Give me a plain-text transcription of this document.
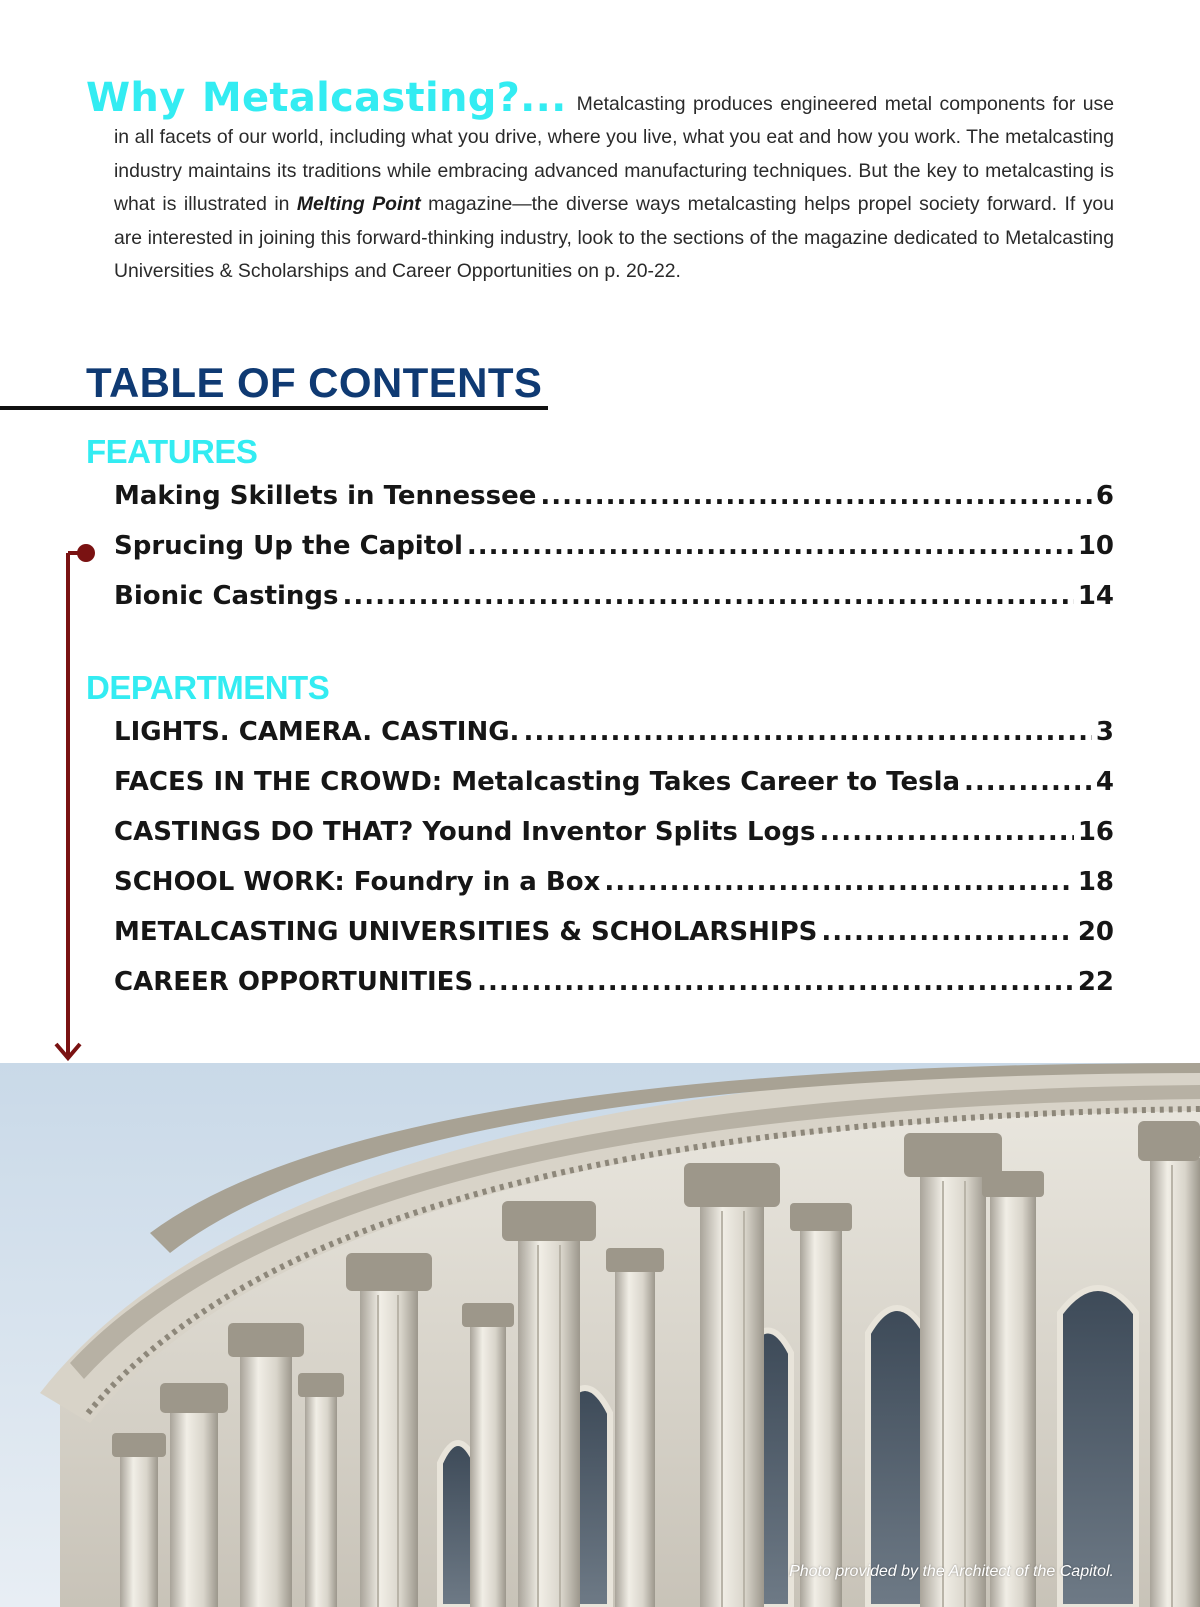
Why Metalcasting?... Metalcasting produces engineered metal components for use in all facets of our world, including what you drive, where you live, what you eat and how you work. The metalcasting industry maintains its traditions while embracing advanced manufacturing techniques. But the key to metalcasting is what is illustrated in Melting Point magazine—the diverse ways metalcasting helps propel society forward. If you are interested in joining this forward-thinking industry, look to the sections of the magazine dedicated to Metalcasting Universities & Scholarships and Career Opportunities on p. 20-22.

TABLE OF CONTENTS
FEATURES
Making Skillets in Tennessee .....	6
Sprucing Up the Capitol .....	10
Bionic Castings .....	14
DEPARTMENTS
LIGHTS. CAMERA. CASTING. .....	3
FACES IN THE CROWD: Metalcasting Takes Career to Tesla .....	4
CASTINGS DO THAT? Yound Inventor Splits Logs .....	16
SCHOOL WORK: Foundry in a Box .....	18
METALCASTING UNIVERSITIES & SCHOLARSHIPS .....	20
CAREER OPPORTUNITIES .....	22
Photo provided by the Architect of the Capitol.
